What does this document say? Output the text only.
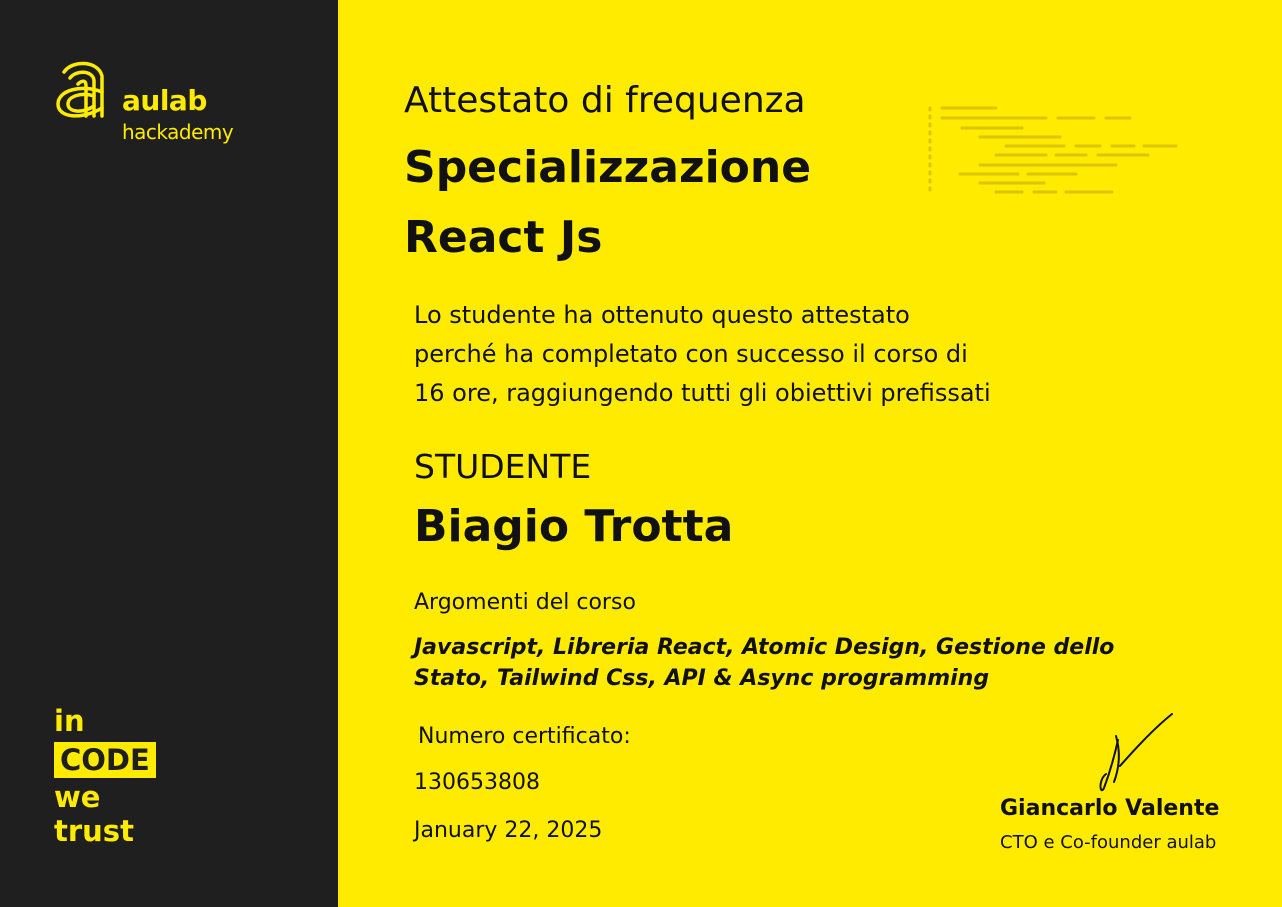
aulab
hackademy
in
CODE
we
trust
Attestato di frequenza
Specializzazione
React Js
Lo studente ha ottenuto questo attestato
perché ha completato con successo il corso di
16 ore, raggiungendo tutti gli obiettivi prefissati
STUDENTE
Biagio Trotta
Argomenti del corso
Javascript, Libreria React, Atomic Design, Gestione dello
Stato, Tailwind Css, API & Async programming
Numero certificato:
130653808
January 22, 2025
Giancarlo Valente
CTO e Co-founder aulab
